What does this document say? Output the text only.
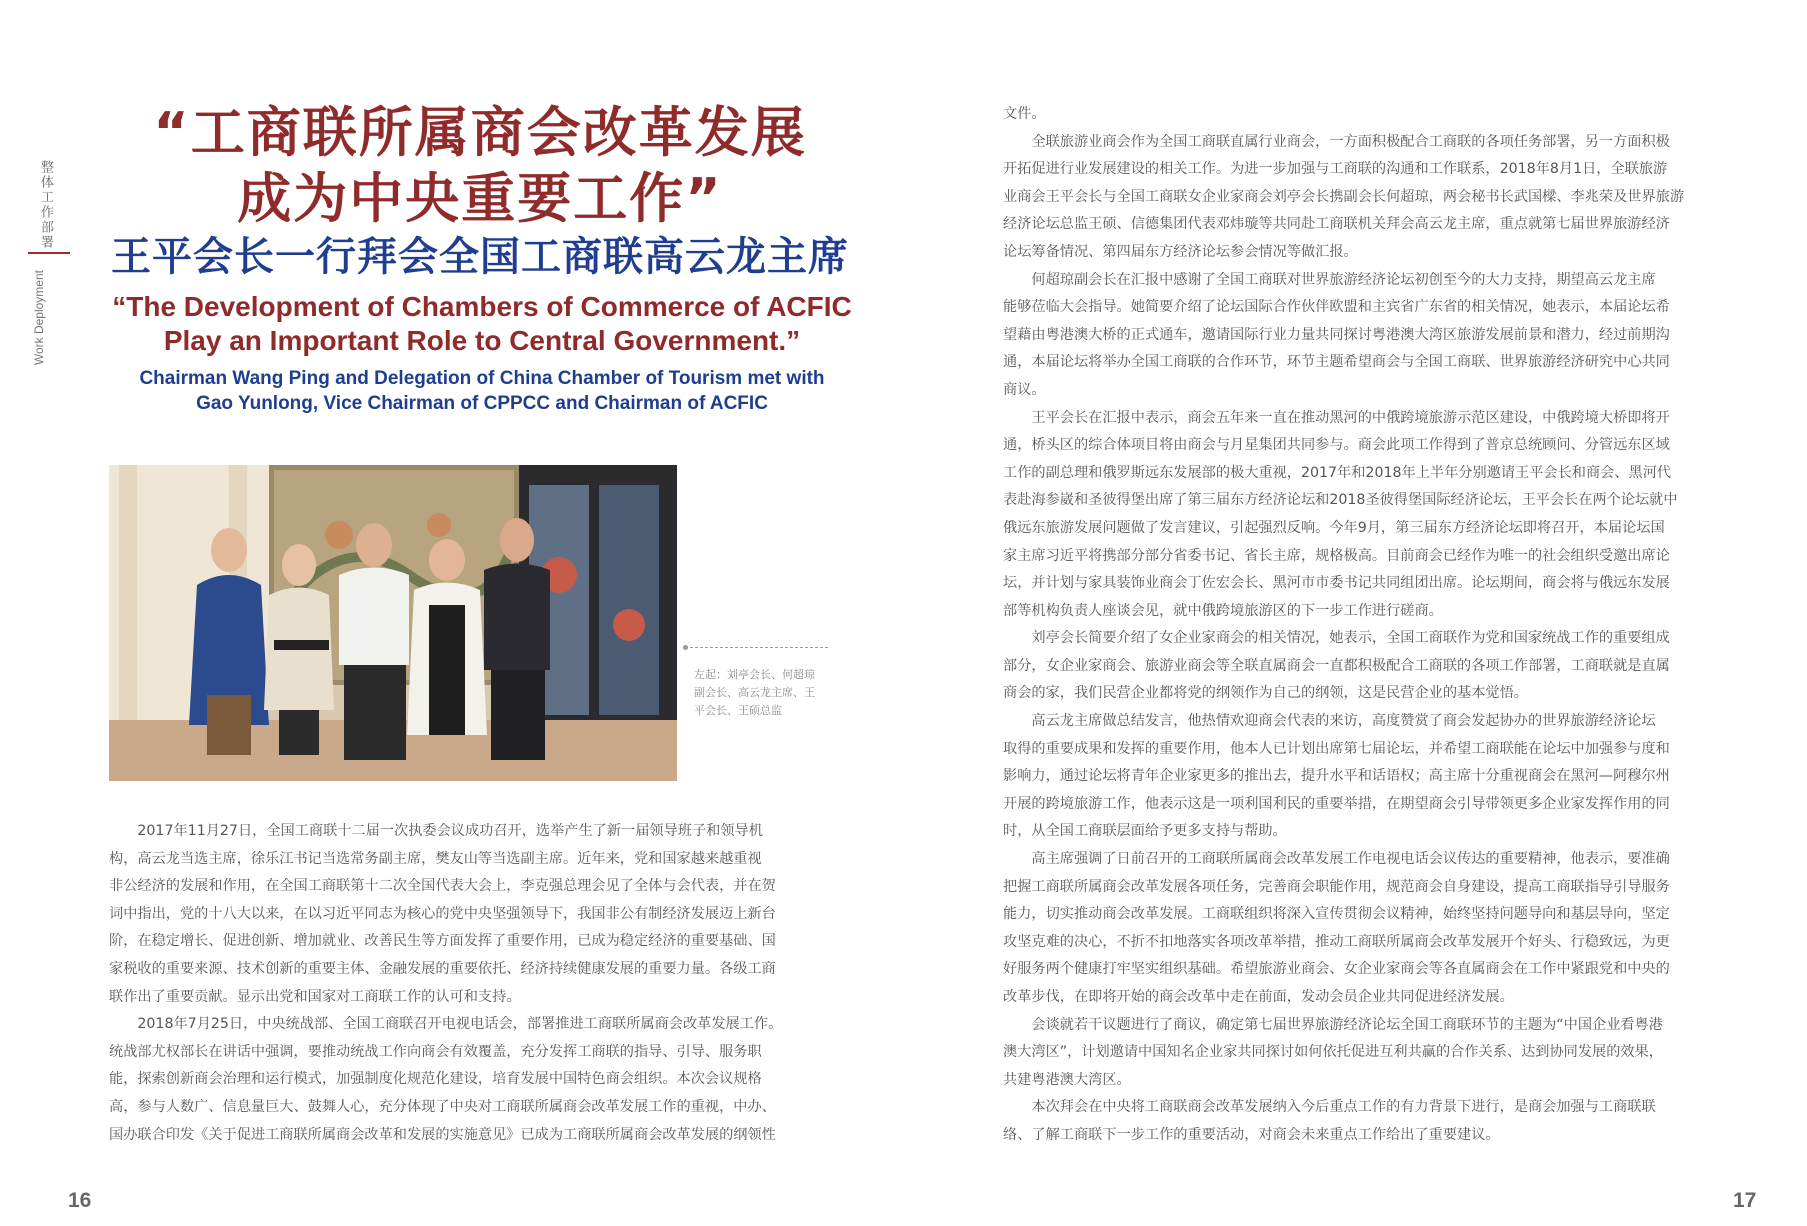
整体工作部署
Work Deployment
“工商联所属商会改革发展
成为中央重要工作”
王平会长一行拜会全国工商联高云龙主席
“The Development of Chambers of Commerce of ACFIC
Play an Important Role to Central Government.”
Chairman Wang Ping and Delegation of China Chamber of Tourism met with
Gao Yunlong, Vice Chairman of CPPCC and Chairman of ACFIC
左起：刘亭会长、何超琼
副会长、高云龙主席、王
平会长、王硕总监
　　2017年11月27日，全国工商联十二届一次执委会议成功召开，选举产生了新一届领导班子和领导机
构，高云龙当选主席，徐乐江书记当选常务副主席，樊友山等当选副主席。近年来，党和国家越来越重视
非公经济的发展和作用，在全国工商联第十二次全国代表大会上，李克强总理会见了全体与会代表，并在贺
词中指出，党的十八大以来，在以习近平同志为核心的党中央坚强领导下，我国非公有制经济发展迈上新台
阶，在稳定增长、促进创新、增加就业、改善民生等方面发挥了重要作用，已成为稳定经济的重要基础、国
家税收的重要来源、技术创新的重要主体、金融发展的重要依托、经济持续健康发展的重要力量。各级工商
联作出了重要贡献。显示出党和国家对工商联工作的认可和支持。
　　2018年7月25日，中央统战部、全国工商联召开电视电话会，部署推进工商联所属商会改革发展工作。
统战部尤权部长在讲话中强调，要推动统战工作向商会有效覆盖，充分发挥工商联的指导、引导、服务职
能，探索创新商会治理和运行模式，加强制度化规范化建设，培育发展中国特色商会组织。本次会议规格
高，参与人数广、信息量巨大、鼓舞人心，充分体现了中央对工商联所属商会改革发展工作的重视，中办、
国办联合印发《关于促进工商联所属商会改革和发展的实施意见》已成为工商联所属商会改革发展的纲领性
16	17
文件。
　　全联旅游业商会作为全国工商联直属行业商会，一方面积极配合工商联的各项任务部署，另一方面积极
开拓促进行业发展建设的相关工作。为进一步加强与工商联的沟通和工作联系，2018年8月1日，全联旅游
业商会王平会长与全国工商联女企业家商会刘亭会长携副会长何超琼，两会秘书长武国樑、李兆荣及世界旅游
经济论坛总监王硕、信德集团代表邓炜璇等共同赴工商联机关拜会高云龙主席，重点就第七届世界旅游经济
论坛筹备情况、第四届东方经济论坛参会情况等做汇报。
　　何超琼副会长在汇报中感谢了全国工商联对世界旅游经济论坛初创至今的大力支持，期望高云龙主席
能够莅临大会指导。她简要介绍了论坛国际合作伙伴欧盟和主宾省广东省的相关情况，她表示，本届论坛希
望藉由粤港澳大桥的正式通车，邀请国际行业力量共同探讨粤港澳大湾区旅游发展前景和潜力，经过前期沟
通，本届论坛将举办全国工商联的合作环节，环节主题希望商会与全国工商联、世界旅游经济研究中心共同
商议。
　　王平会长在汇报中表示，商会五年来一直在推动黑河的中俄跨境旅游示范区建设，中俄跨境大桥即将开
通，桥头区的综合体项目将由商会与月星集团共同参与。商会此项工作得到了普京总统顾问、分管远东区域
工作的副总理和俄罗斯远东发展部的极大重视，2017年和2018年上半年分别邀请王平会长和商会、黑河代
表赴海参崴和圣彼得堡出席了第三届东方经济论坛和2018圣彼得堡国际经济论坛，王平会长在两个论坛就中
俄远东旅游发展问题做了发言建议，引起强烈反响。今年9月，第三届东方经济论坛即将召开，本届论坛国
家主席习近平将携部分部分省委书记、省长主席，规格极高。目前商会已经作为唯一的社会组织受邀出席论
坛，并计划与家具装饰业商会丁佐宏会长、黑河市市委书记共同组团出席。论坛期间，商会将与俄远东发展
部等机构负责人座谈会见，就中俄跨境旅游区的下一步工作进行磋商。
　　刘亭会长简要介绍了女企业家商会的相关情况，她表示，全国工商联作为党和国家统战工作的重要组成
部分，女企业家商会、旅游业商会等全联直属商会一直都积极配合工商联的各项工作部署，工商联就是直属
商会的家，我们民营企业都将党的纲领作为自己的纲领，这是民营企业的基本觉悟。
　　高云龙主席做总结发言，他热情欢迎商会代表的来访，高度赞赏了商会发起协办的世界旅游经济论坛
取得的重要成果和发挥的重要作用，他本人已计划出席第七届论坛，并希望工商联能在论坛中加强参与度和
影响力，通过论坛将青年企业家更多的推出去，提升水平和话语权；高主席十分重视商会在黑河—阿穆尔州
开展的跨境旅游工作，他表示这是一项利国利民的重要举措，在期望商会引导带领更多企业家发挥作用的同
时，从全国工商联层面给予更多支持与帮助。
　　高主席强调了日前召开的工商联所属商会改革发展工作电视电话会议传达的重要精神，他表示，要准确
把握工商联所属商会改革发展各项任务，完善商会职能作用，规范商会自身建设，提高工商联指导引导服务
能力，切实推动商会改革发展。工商联组织将深入宣传贯彻会议精神，始终坚持问题导向和基层导向，坚定
攻坚克难的决心，不折不扣地落实各项改革举措，推动工商联所属商会改革发展开个好头、行稳致远，为更
好服务两个健康打牢坚实组织基础。希望旅游业商会、女企业家商会等各直属商会在工作中紧跟党和中央的
改革步伐，在即将开始的商会改革中走在前面，发动会员企业共同促进经济发展。
　　会谈就若干议题进行了商议，确定第七届世界旅游经济论坛全国工商联环节的主题为“中国企业看粤港
澳大湾区”，计划邀请中国知名企业家共同探讨如何依托促进互利共赢的合作关系、达到协同发展的效果，
共建粤港澳大湾区。
　　本次拜会在中央将工商联商会改革发展纳入今后重点工作的有力背景下进行，是商会加强与工商联联
络、了解工商联下一步工作的重要活动，对商会未来重点工作给出了重要建议。
